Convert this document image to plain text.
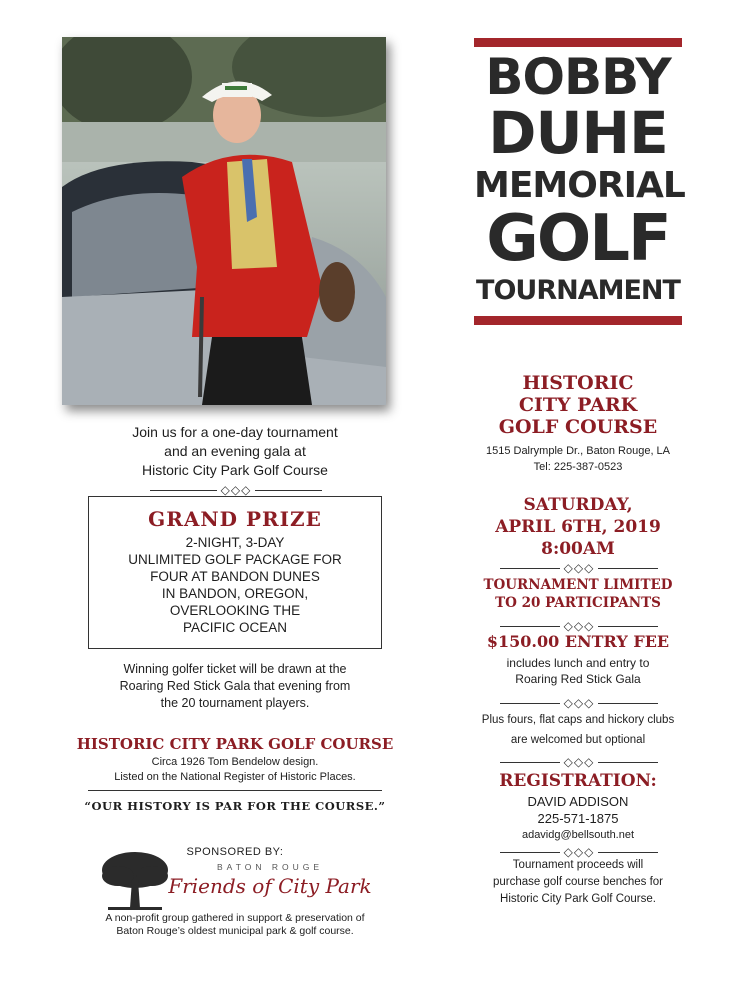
BOBBY
DUHE
MEMORIAL
GOLF
TOURNAMENT
Join us for a one-day tournament
and an evening gala at
Historic City Park Golf Course
◇◇◇
GRAND PRIZE
2-NIGHT, 3-DAY
UNLIMITED GOLF PACKAGE FOR
FOUR AT BANDON DUNES
IN BANDON, OREGON,
OVERLOOKING THE
PACIFIC OCEAN
Winning golfer ticket will be drawn at the
Roaring Red Stick Gala that evening from
the 20 tournament players.
HISTORIC CITY PARK GOLF COURSE
Circa 1926 Tom Bendelow design.
Listed on the National Register of Historic Places.
“OUR HISTORY IS PAR FOR THE COURSE.”
SPONSORED BY:
BATON ROUGE
Friends of City Park
A non-profit group gathered in support & preservation of
Baton Rouge’s oldest municipal park & golf course.
HISTORIC
CITY PARK
GOLF COURSE
1515 Dalrymple Dr., Baton Rouge, LA
Tel: 225-387-0523
SATURDAY,
APRIL 6TH, 2019
8:00AM
◇◇◇
TOURNAMENT LIMITED
TO 20 PARTICIPANTS
◇◇◇
$150.00 ENTRY FEE
includes lunch and entry to
Roaring Red Stick Gala
◇◇◇
Plus fours, flat caps and hickory clubs
are welcomed but optional
◇◇◇
REGISTRATION:
DAVID ADDISON
225-571-1875
adavidg@bellsouth.net
◇◇◇
Tournament proceeds will
purchase golf course benches for
Historic City Park Golf Course.
